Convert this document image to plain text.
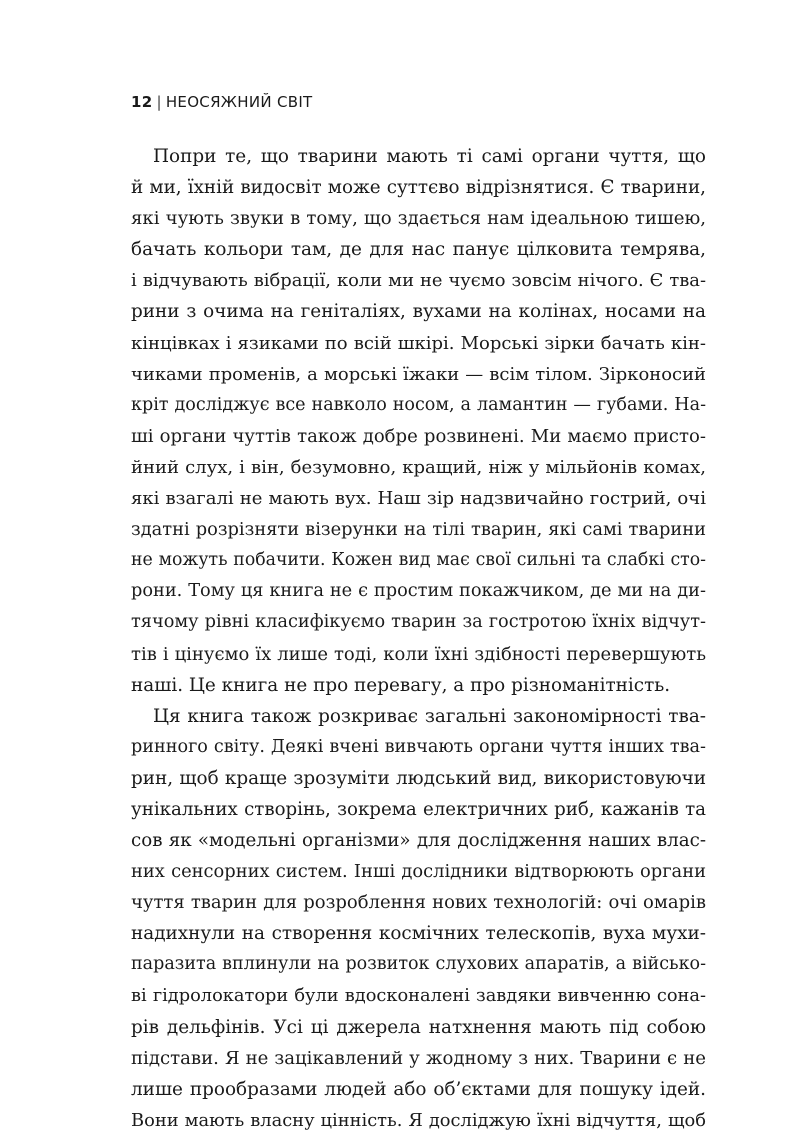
12 | НЕОСЯЖНИЙ СВІТ
Попри те, що тварини мають ті самі органи чуття, що
й ми, їхній видосвіт може суттєво відрізнятися. Є тварини,
які чують звуки в тому, що здається нам ідеальною тишею,
бачать кольори там, де для нас панує цілковита темрява,
і відчувають вібрації, коли ми не чуємо зовсім нічого. Є тва-
рини з очима на геніталіях, вухами на колінах, носами на
кінцівках і язиками по всій шкірі. Морські зірки бачать кін-
чиками променів, а морські їжаки — всім тілом. Зірконосий
кріт досліджує все навколо носом, а ламантин — губами. На-
ші органи чуттів також добре розвинені. Ми маємо присто-
йний слух, і він, безумовно, кращий, ніж у мільйонів комах,
які взагалі не мають вух. Наш зір надзвичайно гострий, очі
здатні розрізняти візерунки на тілі тварин, які самі тварини
не можуть побачити. Кожен вид має свої сильні та слабкі сто-
рони. Тому ця книга не є простим покажчиком, де ми на ди-
тячому рівні класифікуємо тварин за гостротою їхніх відчут-
тів і цінуємо їх лише тоді, коли їхні здібності перевершують
наші. Це книга не про перевагу, а про різноманітність.
Ця книга також розкриває загальні закономірності тва-
ринного світу. Деякі вчені вивчають органи чуття інших тва-
рин, щоб краще зрозуміти людський вид, використовуючи
унікальних створінь, зокрема електричних риб, кажанів та
сов як «модельні організми» для дослідження наших влас-
них сенсорних систем. Інші дослідники відтворюють органи
чуття тварин для розроблення нових технологій: очі омарів
надихнули на створення космічних телескопів, вуха мухи-
паразита вплинули на розвиток слухових апаратів, а військо-
ві гідролокатори були вдосконалені завдяки вивченню сона-
рів дельфінів. Усі ці джерела натхнення мають під собою
підстави. Я не зацікавлений у жодному з них. Тварини є не
лише прообразами людей або об’єктами для пошуку ідей.
Вони мають власну цінність. Я досліджую їхні відчуття, щоб
